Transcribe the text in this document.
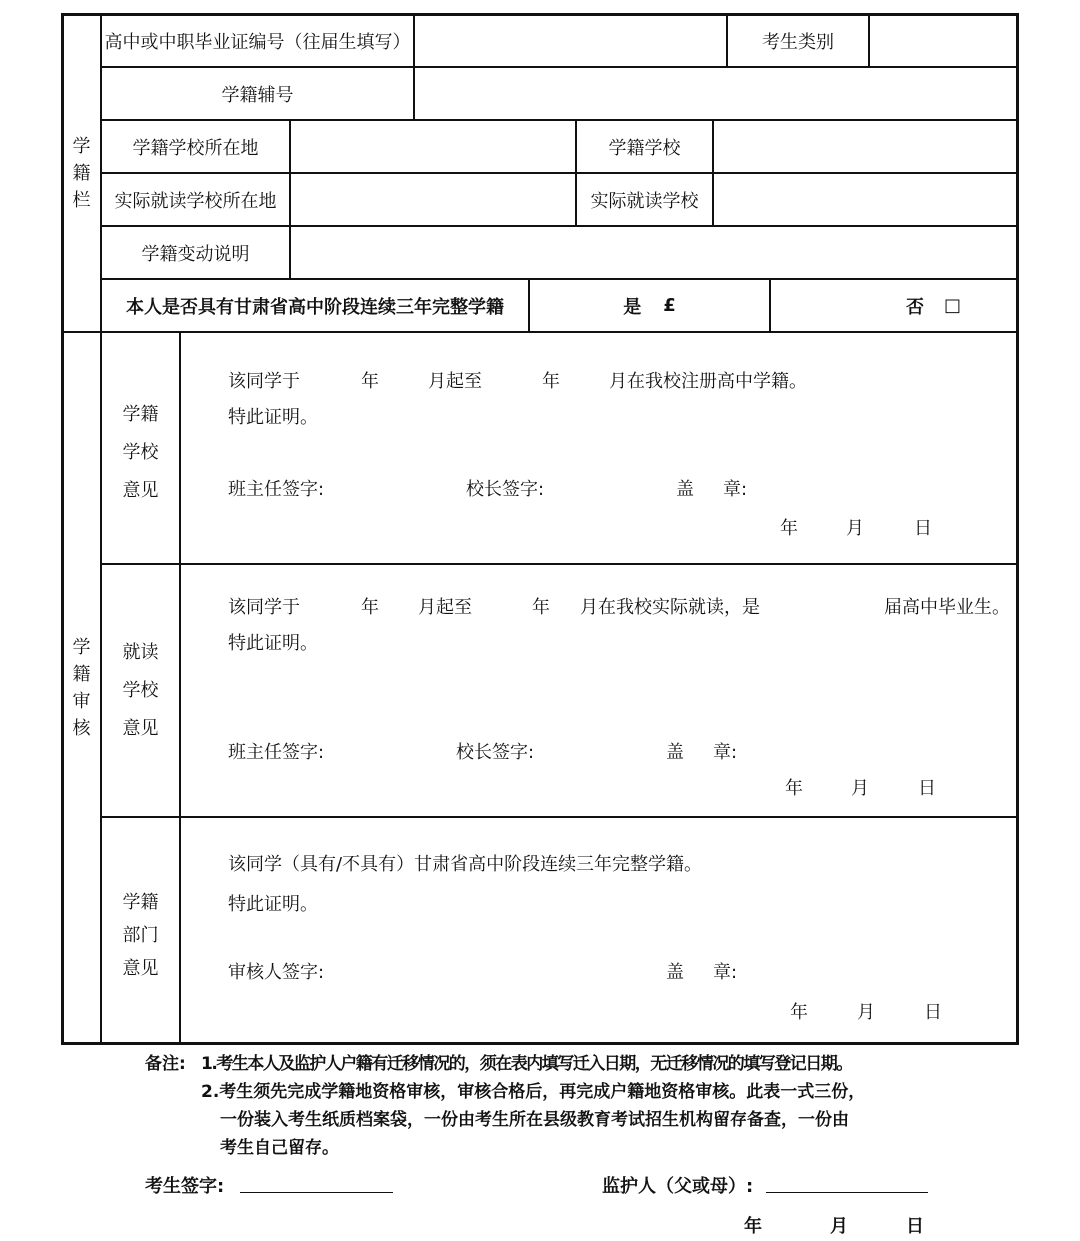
学
籍
栏
高中或中职毕业证编号（往届生填写）	考生类别
学籍辅号
学籍学校所在地	学籍学校
实际就读学校所在地	实际就读学校
学籍变动说明
本人是否具有甘肃省高中阶段连续三年完整学籍	是 £	否 □
学
籍
审
核
学籍
学校
意见
该同学于	年	月起至	年	月在我校注册高中学籍。
特此证明。
班主任签字:	校长签字:	盖 章:
年	月	日
就读
学校
意见
该同学于	年 月起至	年 月在我校实际就读，是	届高中毕业生。
特此证明。
班主任签字:	校长签字:	盖 章:
年	月	日
学籍
部门
意见
该同学（具有/不具有）甘肃省高中阶段连续三年完整学籍。
特此证明。
审核人签字:	盖 章:
年	月	日
备注: 1.考生本人及监护人户籍有迁移情况的，须在表内填写迁入日期，无迁移情况的填写登记日期。
2.考生须先完成学籍地资格审核，审核合格后，再完成户籍地资格审核。此表一式三份，
一份装入考生纸质档案袋，一份由考生所在县级教育考试招生机构留存备查，一份由
考生自己留存。
考生签字:	监护人（父或母）:
年	月	日
